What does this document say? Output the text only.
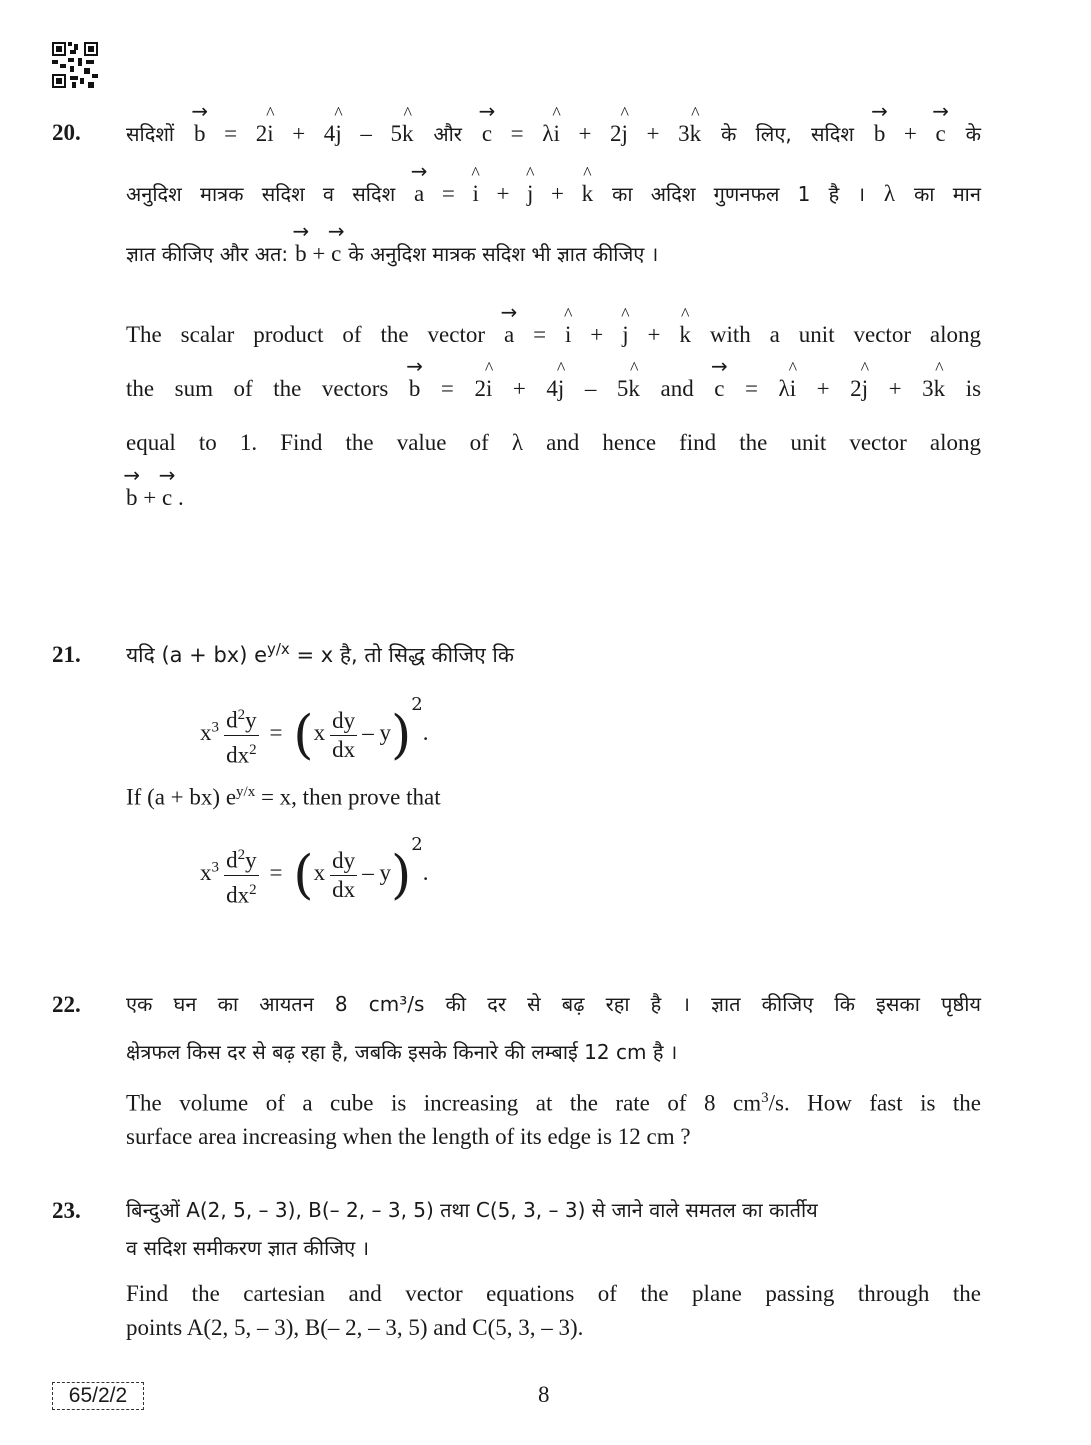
20. सदिशों → b = 2^ i + 4^ j – 5^ k और → c = λ^ i + 2^ j + 3^ k के लिए, सदिश → b + → c के
अनुदिश मात्रक सदिश व सदिश → a = ^ i + ^ j + ^ k का अदिश गुणनफल 1 है । λ का मान
ज्ञात कीजिए और अत: → b + → c के अनुदिश मात्रक सदिश भी ज्ञात कीजिए ।
The scalar product of the vector → a = ^ i + ^ j + ^ k with a unit vector along
the sum of the vectors → b = 2^ i + 4^ j – 5^ k and → c = λ^ i + 2^ j + 3^ k is
equal to 1. Find the value of λ and hence find the unit vector along
→ b + → c .
21. यदि (a + bx) $e^{y/x} = x$ है, तो सिद्ध कीजिए कि
$x^3 \frac{d^2y}{dx^2} = (x \frac{dy}{dx} - y)^2$.
If (a + bx) $e^{y/x} = x$, then prove that
$x^3 \frac{d^2y}{dx^2} = (x \frac{dy}{dx} - y)^2$.
22. एक घन का आयतन 8 cm³/s की दर से बढ़ रहा है । ज्ञात कीजिए कि इसका पृष्ठीय
क्षेत्रफल किस दर से बढ़ रहा है, जबकि इसके किनारे की लम्बाई 12 cm है ।
The volume of a cube is increasing at the rate of 8 $cm^3/s$. How fast is the
surface area increasing when the length of its edge is 12 cm ?
23. बिन्दुओं A(2, 5, – 3), B(– 2, – 3, 5) तथा C(5, 3, – 3) से जाने वाले समतल का कार्तीय
व सदिश समीकरण ज्ञात कीजिए ।
Find the cartesian and vector equations of the plane passing through the
points A(2, 5, – 3), B(– 2, – 3, 5) and C(5, 3, – 3).
65/2/2	8
